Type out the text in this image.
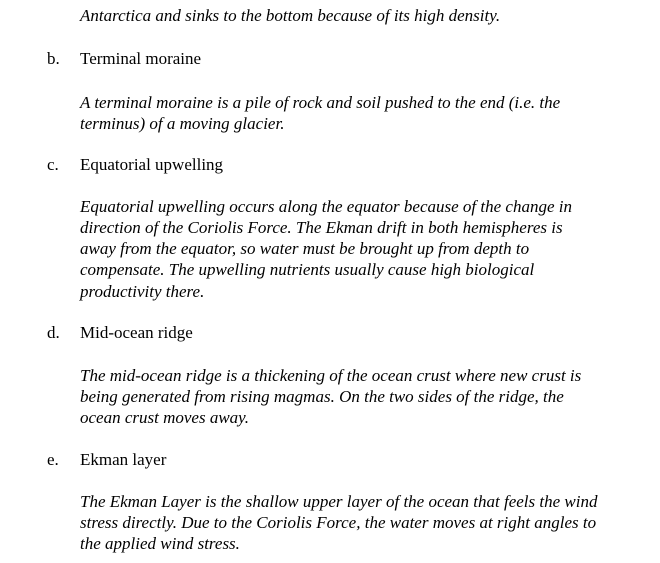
Antarctica and sinks to the bottom because of its high density.
b. Terminal moraine
A terminal moraine is a pile of rock and soil pushed to the end (i.e. the
terminus) of a moving glacier.
c. Equatorial upwelling
Equatorial upwelling occurs along the equator because of the change in
direction of the Coriolis Force. The Ekman drift in both hemispheres is
away from the equator, so water must be brought up from depth to
compensate. The upwelling nutrients usually cause high biological
productivity there.
d. Mid-ocean ridge
The mid-ocean ridge is a thickening of the ocean crust where new crust is
being generated from rising magmas. On the two sides of the ridge, the
ocean crust moves away.
e. Ekman layer
The Ekman Layer is the shallow upper layer of the ocean that feels the wind
stress directly. Due to the Coriolis Force, the water moves at right angles to
the applied wind stress.
